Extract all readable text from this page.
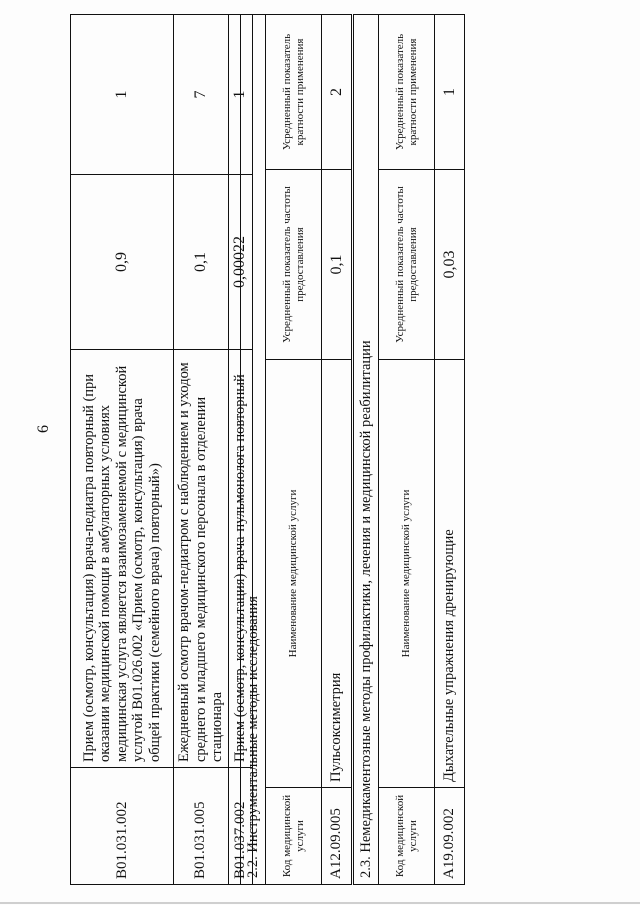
6
В01.031.002	Прием (осмотр, консультация) врача-педиатра повторный (при оказании медицинской помощи в амбулаторных условиях медицинская услуга является взаимозаменяемой с медицинской услугой В01.026.002 «Прием (осмотр, консультация) врача общей практики (семейного врача) повторный»)	0,9	1
В01.031.005	Ежедневный осмотр врачом-педиатром с наблюдением и уходом среднего и младшего медицинского персонала в отделении стационара	0,1	7
В01.037.002	Прием (осмотр, консультация) врача-пульмонолога повторный	0,00022	1
2.2. Инструментальные методы исследования			
Код медицинской услуги	Наименование медицинской услуги	Усредненный показатель частоты предоставления	Усредненный показатель кратности применения
А12.09.005	Пульсоксиметрия	0,1	2
2.3. Немедикаментозные методы профилактики, лечения и медицинской реабилитации			
Код медицинской услуги	Наименование медицинской услуги	Усредненный показатель частоты предоставления	Усредненный показатель кратности применения
А19.09.002	Дыхательные упражнения дренирующие	0,03	1
